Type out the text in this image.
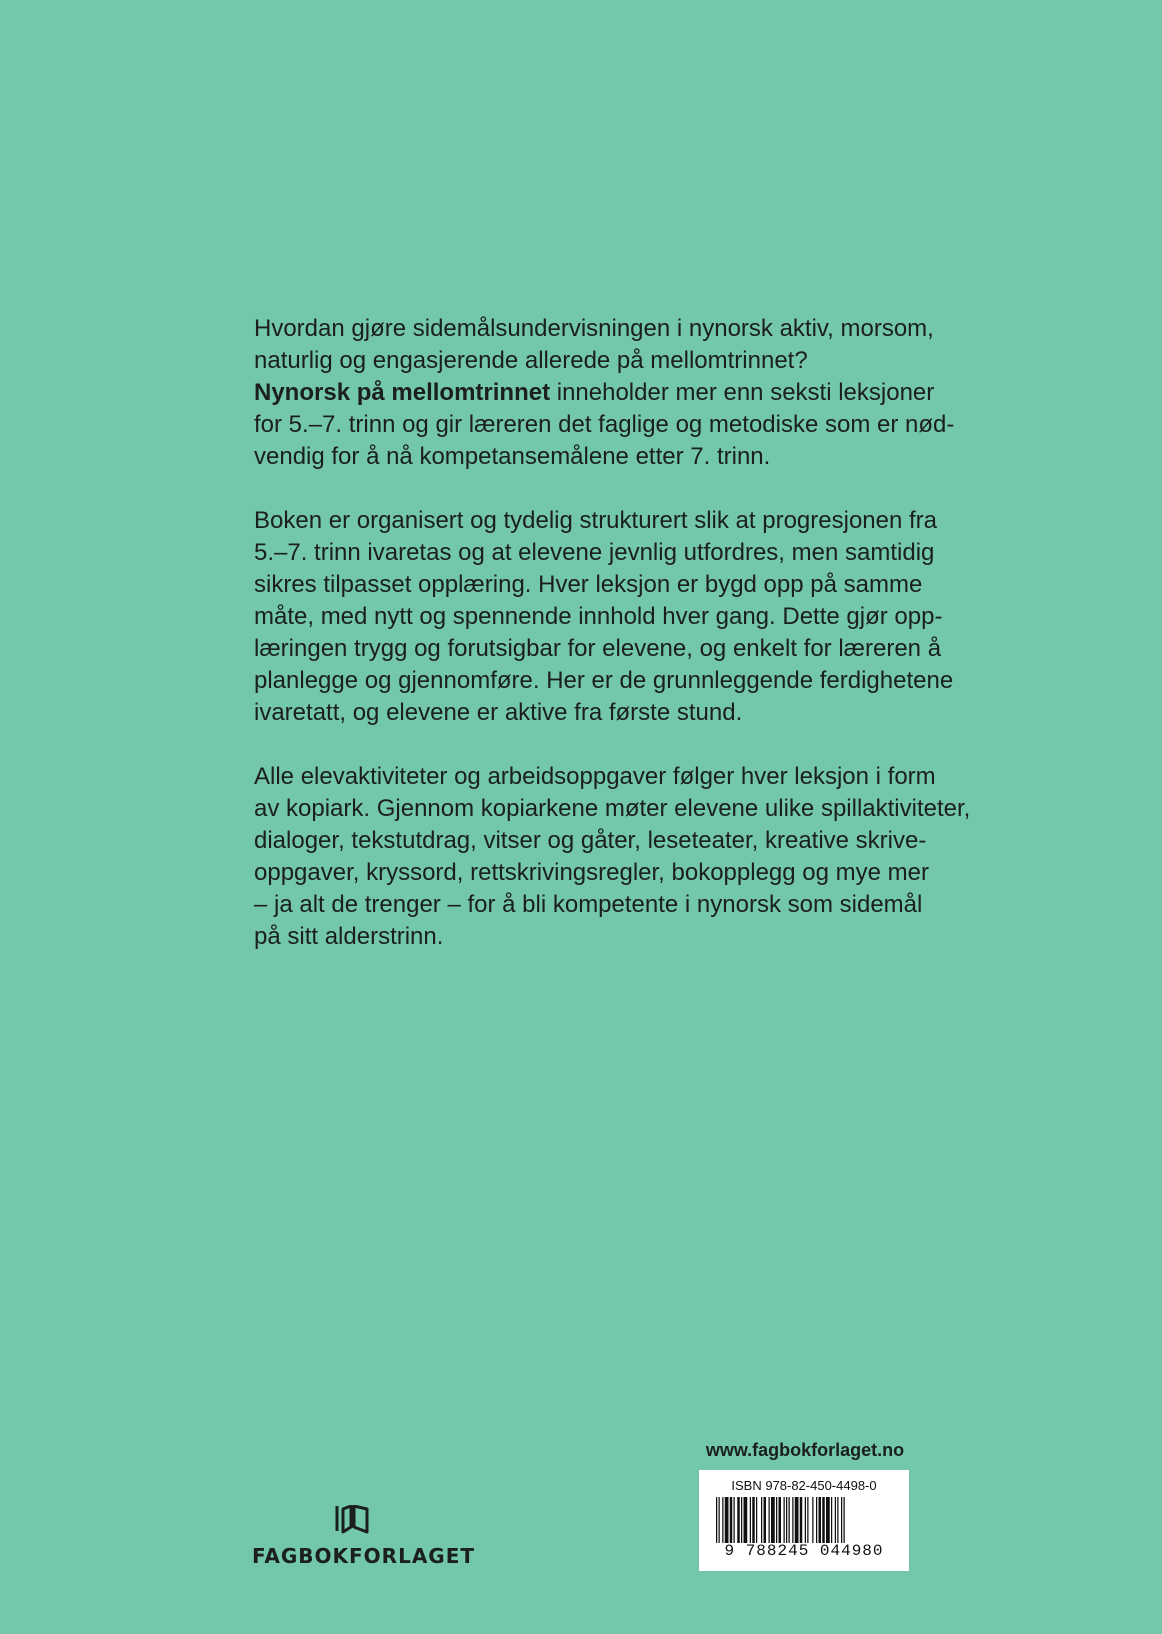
Hvordan gjøre sidemålsundervisningen i nynorsk aktiv, morsom,
naturlig og engasjerende allerede på mellomtrinnet?
Nynorsk på mellomtrinnet inneholder mer enn seksti leksjoner
for 5.–7. trinn og gir læreren det faglige og metodiske som er nød-
vendig for å nå kompetansemålene etter 7. trinn.

Boken er organisert og tydelig strukturert slik at progresjonen fra
5.–7. trinn ivaretas og at elevene jevnlig utfordres, men samtidig
sikres tilpasset opplæring. Hver leksjon er bygd opp på samme
måte, med nytt og spennende innhold hver gang. Dette gjør opp-
læringen trygg og forutsigbar for elevene, og enkelt for læreren å
planlegge og gjennomføre. Her er de grunnleggende ferdighetene
ivaretatt, og elevene er aktive fra første stund.

Alle elevaktiviteter og arbeidsoppgaver følger hver leksjon i form
av kopiark. Gjennom kopiarkene møter elevene ulike spillaktiviteter,
dialoger, tekstutdrag, vitser og gåter, leseteater, kreative skrive-
oppgaver, kryssord, rettskrivingsregler, bokopplegg og mye mer
– ja alt de trenger – for å bli kompetente i nynorsk som sidemål
på sitt alderstrinn.

www.fagbokforlaget.no
ISBN 978-82-450-4498-0
9 788245 044980
FAGBOKFORLAGET
